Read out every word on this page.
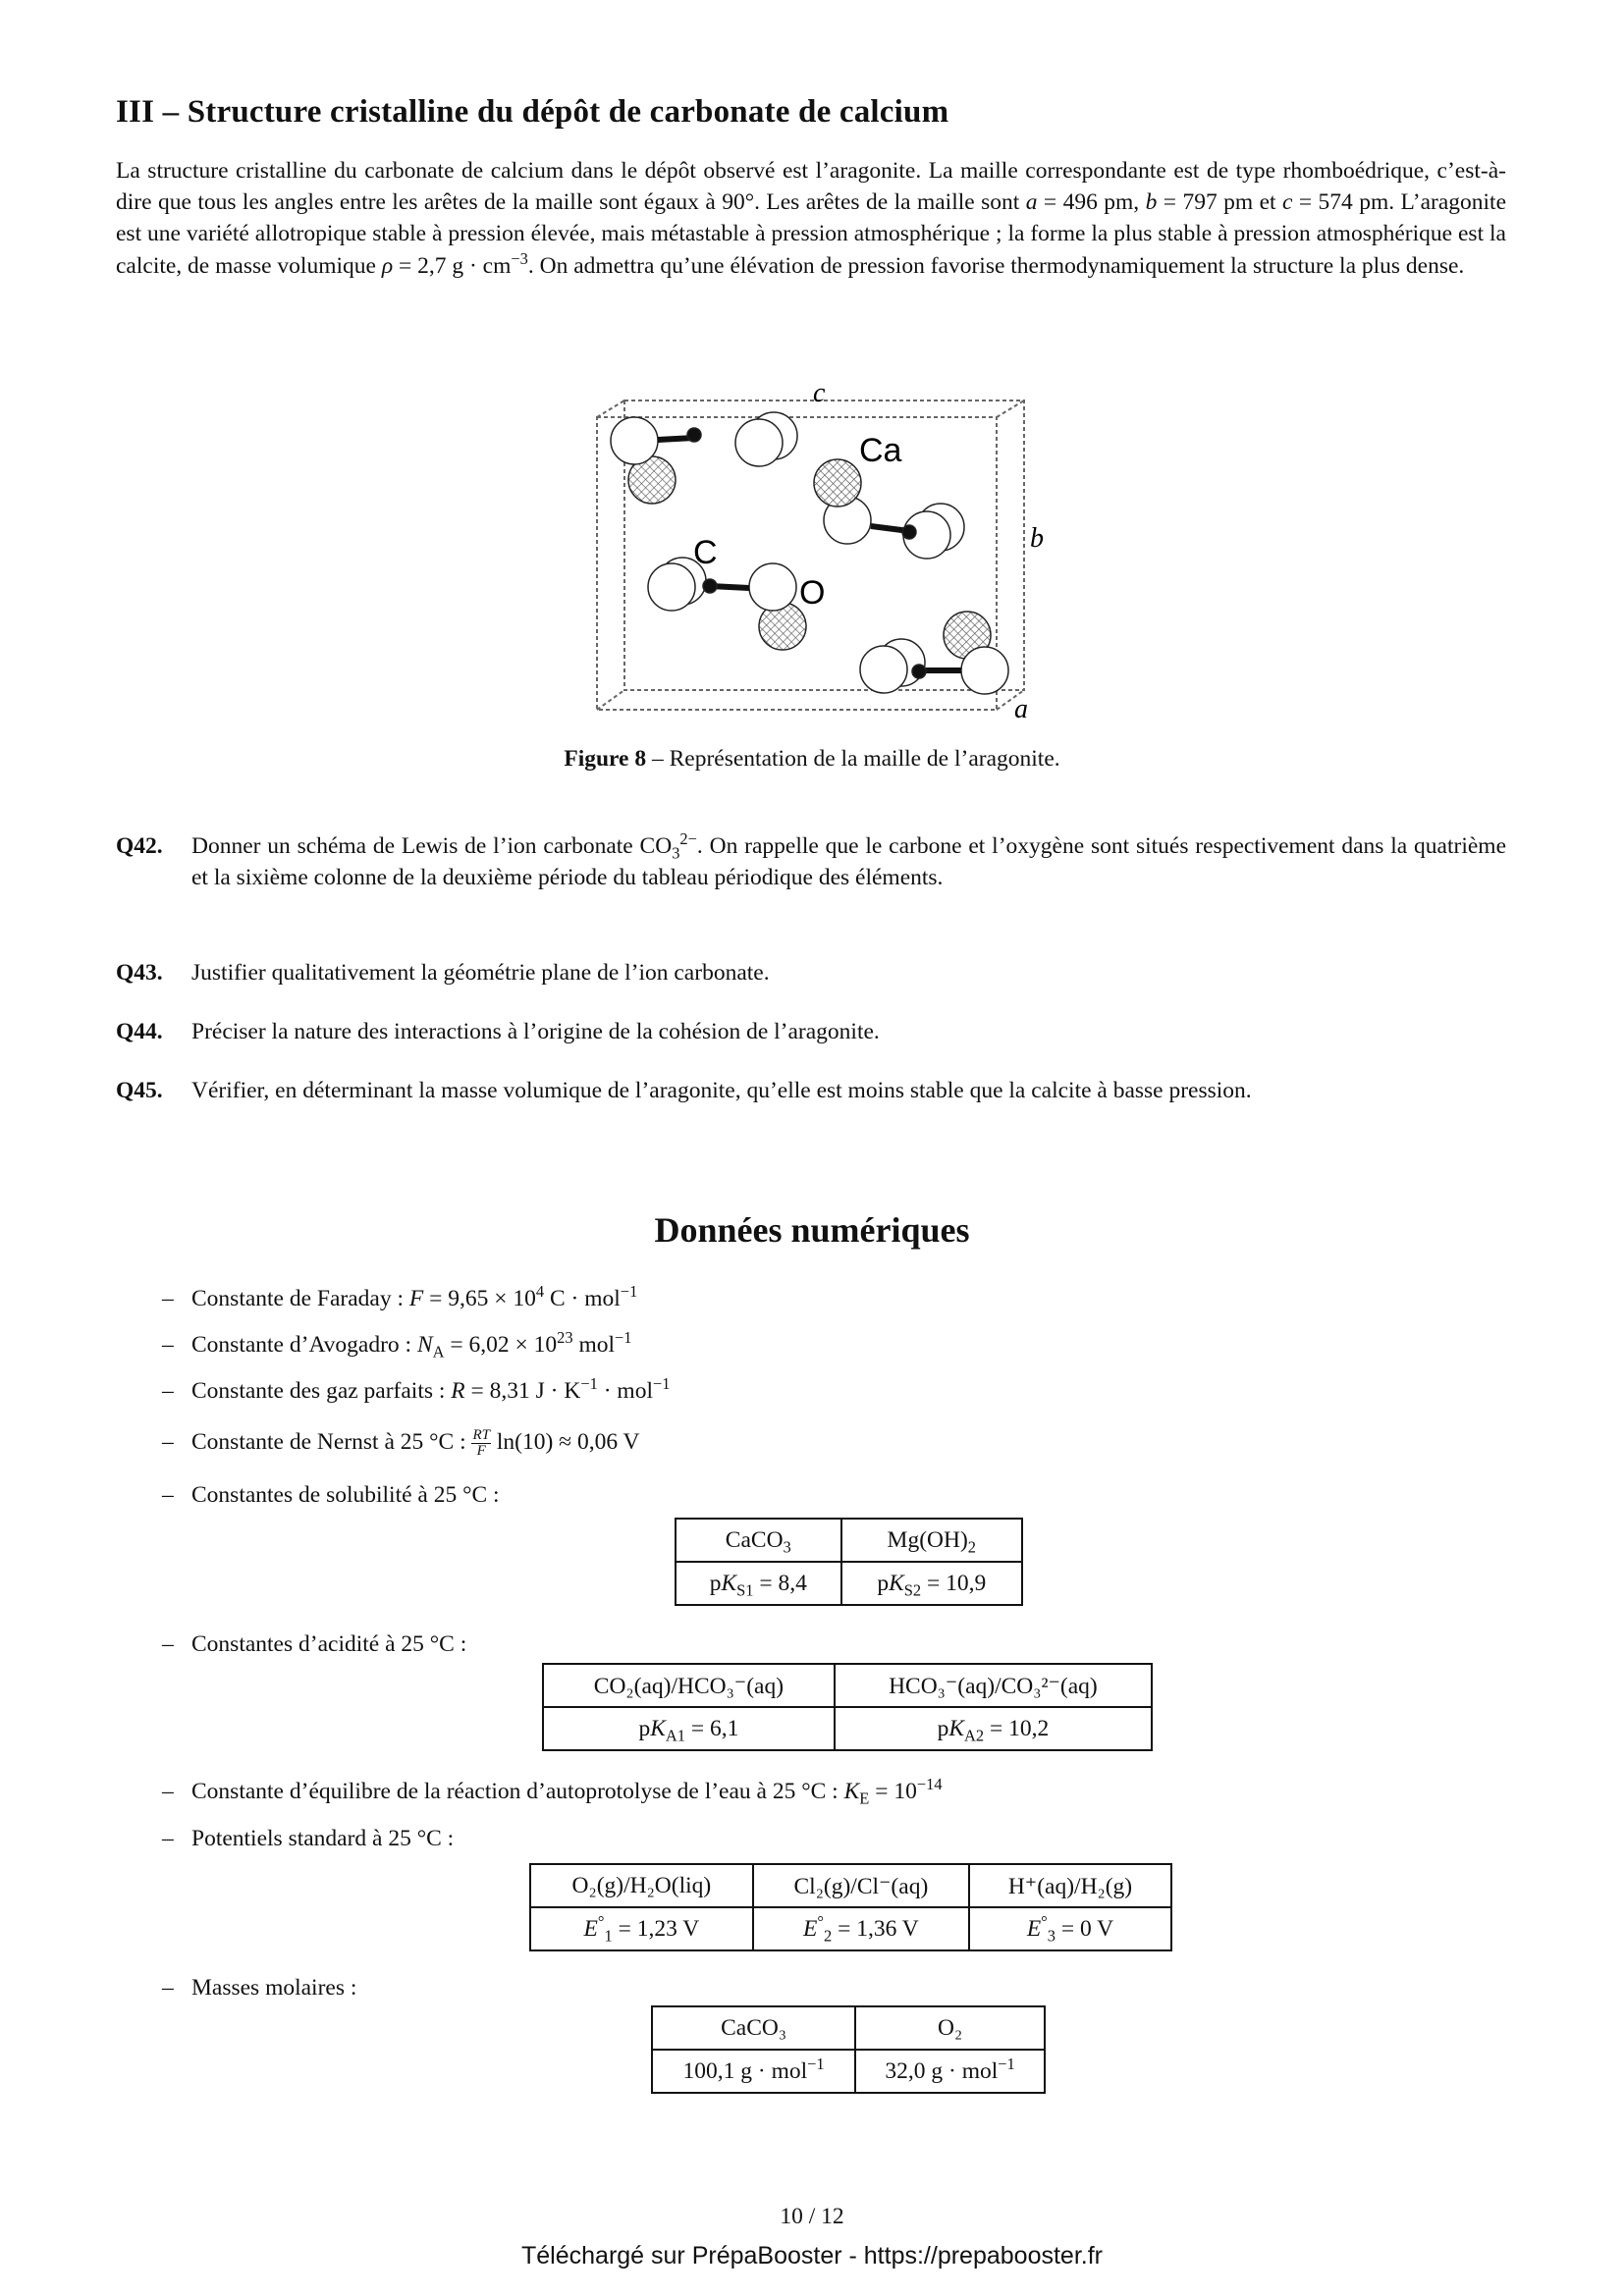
III – Structure cristalline du dépôt de carbonate de calcium
La structure cristalline du carbonate de calcium dans le dépôt observé est l’aragonite. La maille correspondante est de type rhomboédrique, c’est-à-dire que tous les angles entre les arêtes de la maille sont égaux à 90°. Les arêtes de la maille sont a = 496 pm, b = 797 pm et c = 574 pm. L’aragonite est une variété allotropique stable à pression élevée, mais métastable à pression atmosphérique ; la forme la plus stable à pression atmosphérique est la calcite, de masse volumique ρ = 2,7 $g \cdot cm^{-3}$. On admettra qu’une élévation de pression favorise thermodynamiquement la structure la plus dense.
c
b
a
Ca
C
O
Figure 8 – Représentation de la maille de l’aragonite.
Q42. Donner un schéma de Lewis de l’ion carbonate $CO_3^{2-}$. On rappelle que le carbone et l’oxygène sont situés respectivement dans la quatrième et la sixième colonne de la deuxième période du tableau périodique des éléments.
Q43. Justifier qualitativement la géométrie plane de l’ion carbonate.
Q44. Préciser la nature des interactions à l’origine de la cohésion de l’aragonite.
Q45. Vérifier, en déterminant la masse volumique de l’aragonite, qu’elle est moins stable que la calcite à basse pression.
Données numériques
– Constante de Faraday : $F = 9,65 \times 10^4$ C · mol$^{-1}$
– Constante d’Avogadro : $N_A = 6,02 \times 10^{23}$ mol$^{-1}$
– Constante des gaz parfaits : R = 8,31 $J \cdot K^{-1} \cdot mol^{-1}$
– Constante de Nernst à 25 °C : $\frac{RT}{F} \ln(10) \approx 0,06$ V
– Constantes de solubilité à 25 °C :
CaCO$_3$	$Mg(OH)_2$
$pK_{S1} = 8,4$	$pK_{S2} = 10,9$
– Constantes d’acidité à 25 °C :
CO₂(aq)/HCO₃⁻(aq)	HCO₃⁻(aq)/CO₃²⁻(aq)
$pK_{A1} = 6,1$	$pK_{A2} = 10,2$
– Constante d’équilibre de la réaction d’autoprotolyse de l’eau à 25 °C : $K_E = 10^{-14}$
– Potentiels standard à 25 °C :
O₂(g)/H₂O(liq)	Cl₂(g)/Cl⁻(aq)	H⁺(aq)/H₂(g)
$E^\circ_1 = 1,23$ V	$E^\circ_2 = 1,36$ V	$E^\circ_3 = 0$ V
– Masses molaires :
CaCO₃	O₂
100,1 g · mol$^{-1}$	32,0 g · mol$^{-1}$
10 / 12
Téléchargé sur PrépaBooster - https://prepabooster.fr
